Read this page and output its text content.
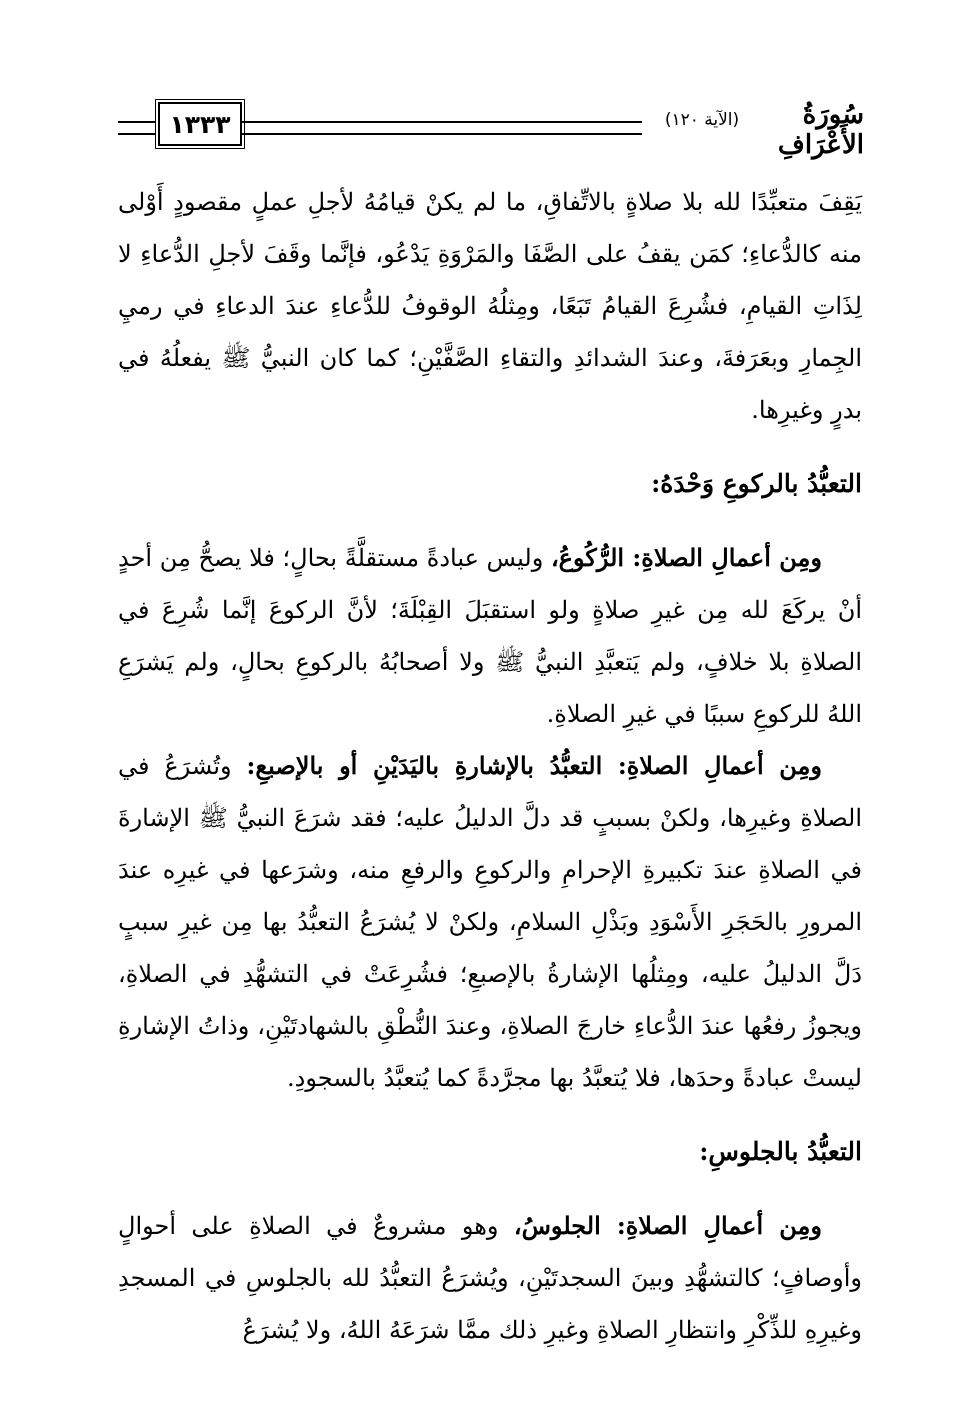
١٣٣٣	(الآية ١٢٠)	سُورَةُ الأَعْرَافِ

يَقِفَ متعبِّدًا لله بلا صلاةٍ بالاتِّفاقِ، ما لم يكنْ قيامُهُ لأجلِ عملٍ مقصودٍ أَوْلى منه كالدُّعاءِ؛ كمَن يقفُ على الصَّفَا والمَرْوَةِ يَدْعُو، فإنَّما وقَفَ لأجلِ الدُّعاءِ لا لِذَاتِ القيامِ، فشُرِعَ القيامُ تَبَعًا، ومِثلُهُ الوقوفُ للدُّعاءِ عندَ الدعاءِ في رميِ الجِمارِ وبعَرَفةَ، وعندَ الشدائدِ والتقاءِ الصَّفَّيْنِ؛ كما كان النبيُّ ﷺ يفعلُهُ في بدرٍ وغيرِها.

التعبُّدُ بالركوعِ وَحْدَهُ:

ومِن أعمالِ الصلاةِ: الرُّكُوعُ، وليس عبادةً مستقلَّةً بحالٍ؛ فلا يصحُّ مِن أحدٍ أنْ يركَعَ لله مِن غيرِ صلاةٍ ولو استقبَلَ القِبْلَةَ؛ لأنَّ الركوعَ إنَّما شُرِعَ في الصلاةِ بلا خلافٍ، ولم يَتعبَّدِ النبيُّ ﷺ ولا أصحابُهُ بالركوعِ بحالٍ، ولم يَشرَعِ اللهُ للركوعِ سببًا في غيرِ الصلاةِ.

ومِن أعمالِ الصلاةِ: التعبُّدُ بالإشارةِ باليَدَيْنِ أو بالإصبعِ: وتُشرَعُ في الصلاةِ وغيرِها، ولكنْ بسببٍ قد دلَّ الدليلُ عليه؛ فقد شرَعَ النبيُّ ﷺ الإشارةَ في الصلاةِ عندَ تكبيرةِ الإحرامِ والركوعِ والرفعِ منه، وشرَعها في غيرِه عندَ المرورِ بالحَجَرِ الأَسْوَدِ وبَذْلِ السلامِ، ولكنْ لا يُشرَعُ التعبُّدُ بها مِن غيرِ سببٍ دَلَّ الدليلُ عليه، ومِثلُها الإشارةُ بالإصبعِ؛ فشُرِعَتْ في التشهُّدِ في الصلاةِ، ويجوزُ رفعُها عندَ الدُّعاءِ خارجَ الصلاةِ، وعندَ النُّطْقِ بالشهادتَيْنِ، وذاتُ الإشارةِ ليستْ عبادةً وحدَها، فلا يُتعبَّدُ بها مجرَّدةً كما يُتعبَّدُ بالسجودِ.

التعبُّدُ بالجلوسِ:

ومِن أعمالِ الصلاةِ: الجلوسُ، وهو مشروعٌ في الصلاةِ على أحوالٍ وأوصافٍ؛ كالتشهُّدِ وبينَ السجدتَيْنِ، ويُشرَعُ التعبُّدُ لله بالجلوسِ في المسجدِ وغيرِهِ للذِّكْرِ وانتظارِ الصلاةِ وغيرِ ذلك ممَّا شرَعَهُ اللهُ، ولا يُشرَعُ
